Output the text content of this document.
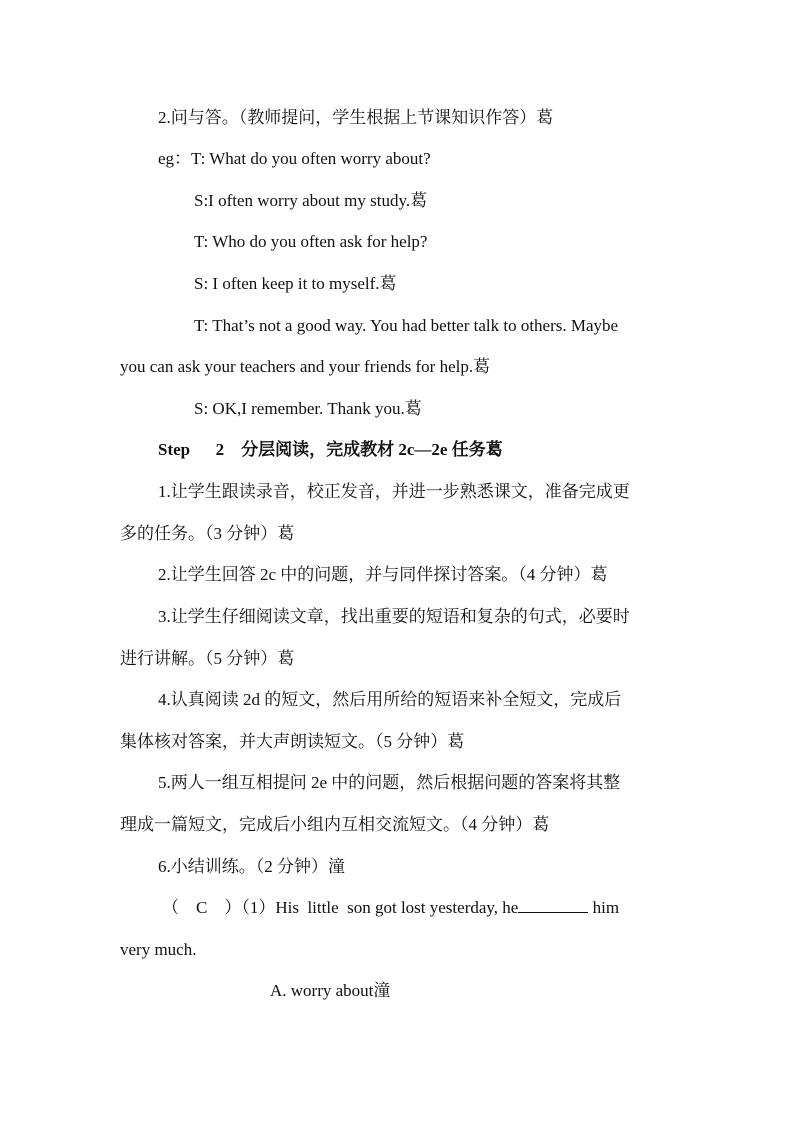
2.问与答。（教师提问，学生根据上节课知识作答）葛
eg：T: What do you often worry about?
S:I often worry about my study.葛
T: Who do you often ask for help?
S: I often keep it to myself.葛
T: That’s not a good way. You had better talk to others. Maybe
you can ask your teachers and your friends for help.葛
S: OK,I remember. Thank you.葛
Step      2    分层阅读，完成教材 2c—2e 任务葛
1.让学生跟读录音，校正发音，并进一步熟悉课文，准备完成更
多的任务。（3 分钟）葛
2.让学生回答 2c 中的问题，并与同伴探讨答案。（4 分钟）葛
3.让学生仔细阅读文章，找出重要的短语和复杂的句式，必要时
进行讲解。（5 分钟）葛
4.认真阅读 2d 的短文，然后用所给的短语来补全短文，完成后
集体核对答案，并大声朗读短文。（5 分钟）葛
5.两人一组互相提问 2e 中的问题，然后根据问题的答案将其整
理成一篇短文，完成后小组内互相交流短文。（4 分钟）葛
6.小结训练。（2 分钟）潼
（    C    ）（1）His  little  son got lost yesterday, he	him
very much.
A. worry about潼
